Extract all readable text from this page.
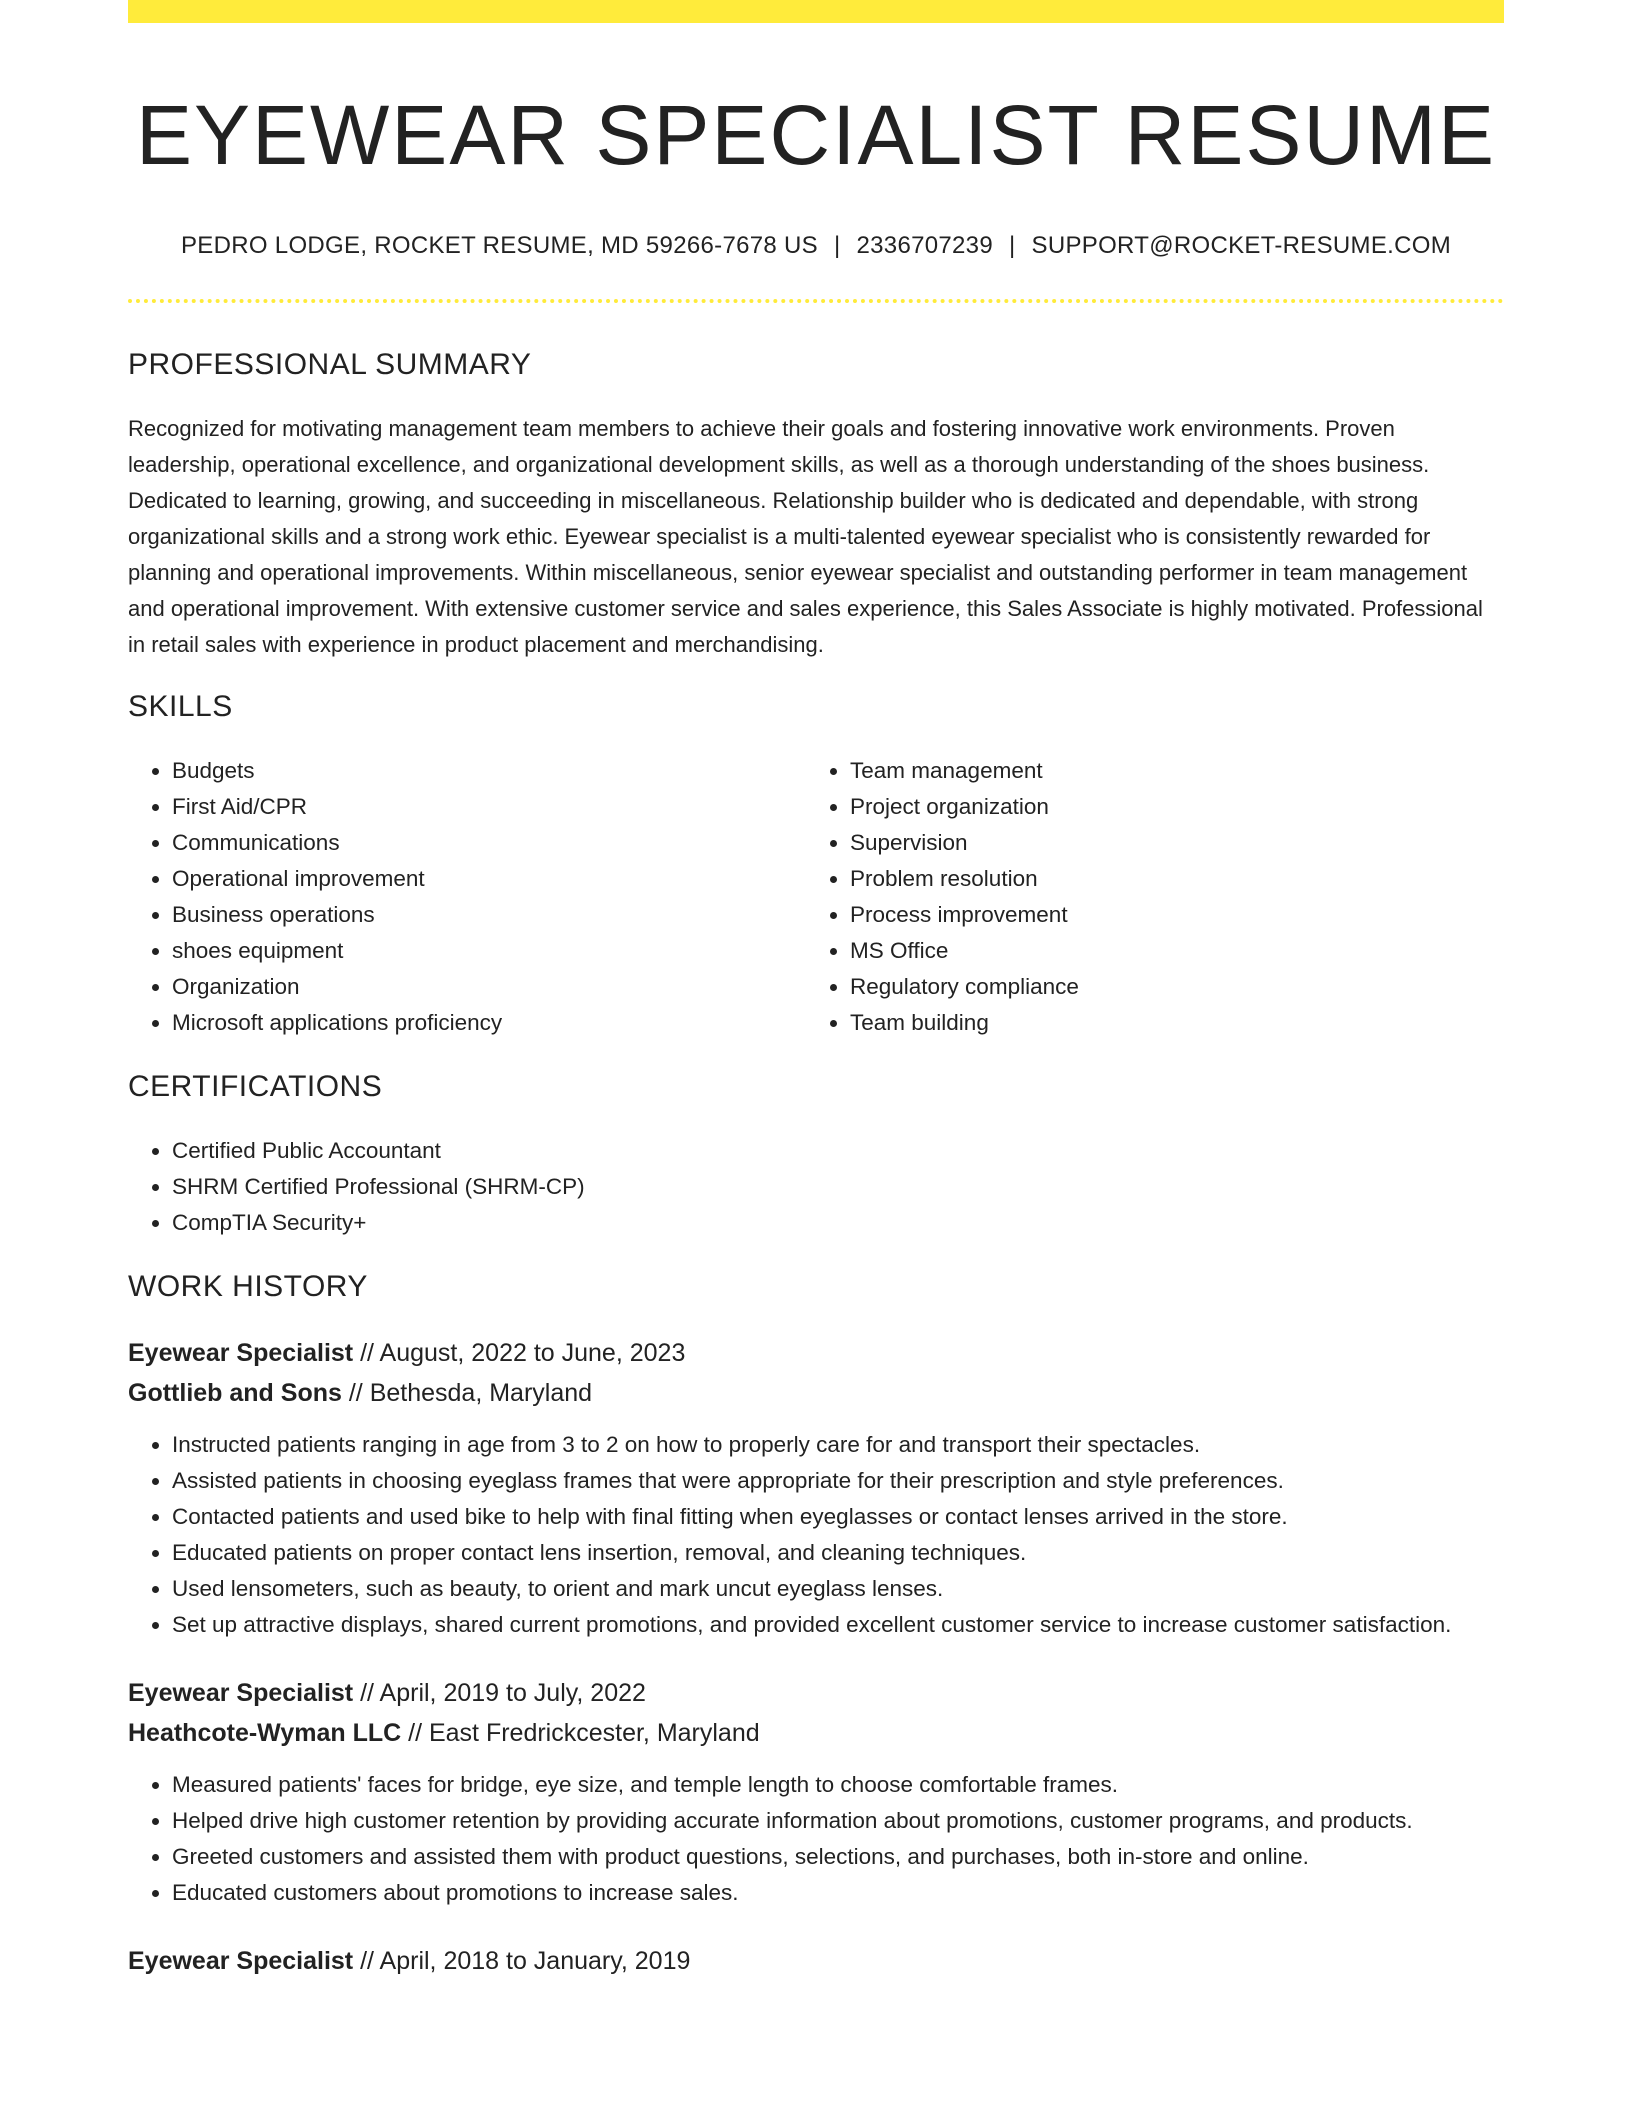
EYEWEAR SPECIALIST RESUME
PEDRO LODGE, ROCKET RESUME, MD 59266-7678 US | 2336707239 | SUPPORT@ROCKET-RESUME.COM
PROFESSIONAL SUMMARY

Recognized for motivating management team members to achieve their goals and fostering innovative work environments. Proven leadership, operational excellence, and organizational development skills, as well as a thorough understanding of the shoes business. Dedicated to learning, growing, and succeeding in miscellaneous. Relationship builder who is dedicated and dependable, with strong organizational skills and a strong work ethic. Eyewear specialist is a multi-talented eyewear specialist who is consistently rewarded for planning and operational improvements. Within miscellaneous, senior eyewear specialist and outstanding performer in team management and operational improvement. With extensive customer service and sales experience, this Sales Associate is highly motivated. Professional in retail sales with experience in product placement and merchandising.

SKILLS
• Budgets
• First Aid/CPR
• Communications
• Operational improvement
• Business operations
• shoes equipment
• Organization
• Microsoft applications proficiency
• Team management
• Project organization
• Supervision
• Problem resolution
• Process improvement
• MS Office
• Regulatory compliance
• Team building
CERTIFICATIONS
• Certified Public Accountant
• SHRM Certified Professional (SHRM-CP)
• CompTIA Security+
WORK HISTORY
Eyewear Specialist // August, 2022 to June, 2023
Gottlieb and Sons // Bethesda, Maryland
• Instructed patients ranging in age from 3 to 2 on how to properly care for and transport their spectacles.
• Assisted patients in choosing eyeglass frames that were appropriate for their prescription and style preferences.
• Contacted patients and used bike to help with final fitting when eyeglasses or contact lenses arrived in the store.
• Educated patients on proper contact lens insertion, removal, and cleaning techniques.
• Used lensometers, such as beauty, to orient and mark uncut eyeglass lenses.
• Set up attractive displays, shared current promotions, and provided excellent customer service to increase customer satisfaction.
Eyewear Specialist // April, 2019 to July, 2022
Heathcote-Wyman LLC // East Fredrickcester, Maryland
• Measured patients' faces for bridge, eye size, and temple length to choose comfortable frames.
• Helped drive high customer retention by providing accurate information about promotions, customer programs, and products.
• Greeted customers and assisted them with product questions, selections, and purchases, both in-store and online.
• Educated customers about promotions to increase sales.
Eyewear Specialist // April, 2018 to January, 2019
